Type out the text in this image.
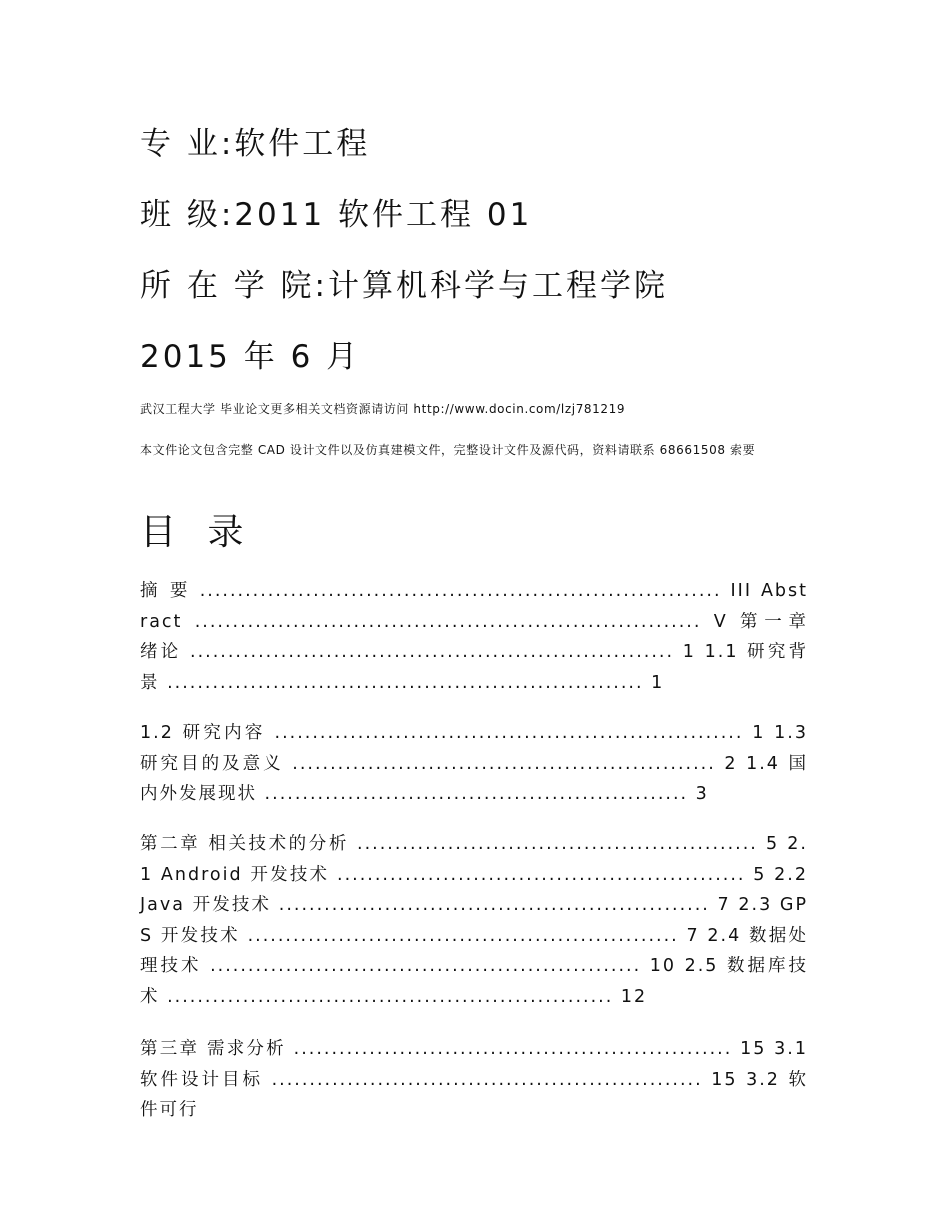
专 业:软件工程
班 级:2011 软件工程 01
所 在 学 院:计算机科学与工程学院
2015 年 6 月
武汉工程大学 毕业论文更多相关文档资源请访问 http://www.docin.com/lzj781219
本文件论文包含完整 CAD 设计文件以及仿真建模文件，完整设计文件及源代码，资料请联系 68661508 索要
目 录
摘 要 ..................................................................... III Abstract ................................................................... V 第一章 绪论 ................................................................ 1 1.1 研究背景 ............................................................... 1
1.2 研究内容 .............................................................. 1 1.3 研究目的及意义 ........................................................ 2 1.4 国内外发展现状 ........................................................ 3
第二章 相关技术的分析 ..................................................... 5 2.1 Android 开发技术 ...................................................... 5 2.2 Java 开发技术 ......................................................... 7 2.3 GPS 开发技术 ......................................................... 7 2.4 数据处理技术 ......................................................... 10 2.5 数据库技术 ........................................................... 12
第三章 需求分析 .......................................................... 15 3.1 软件设计目标 ......................................................... 15 3.2 软件可行
